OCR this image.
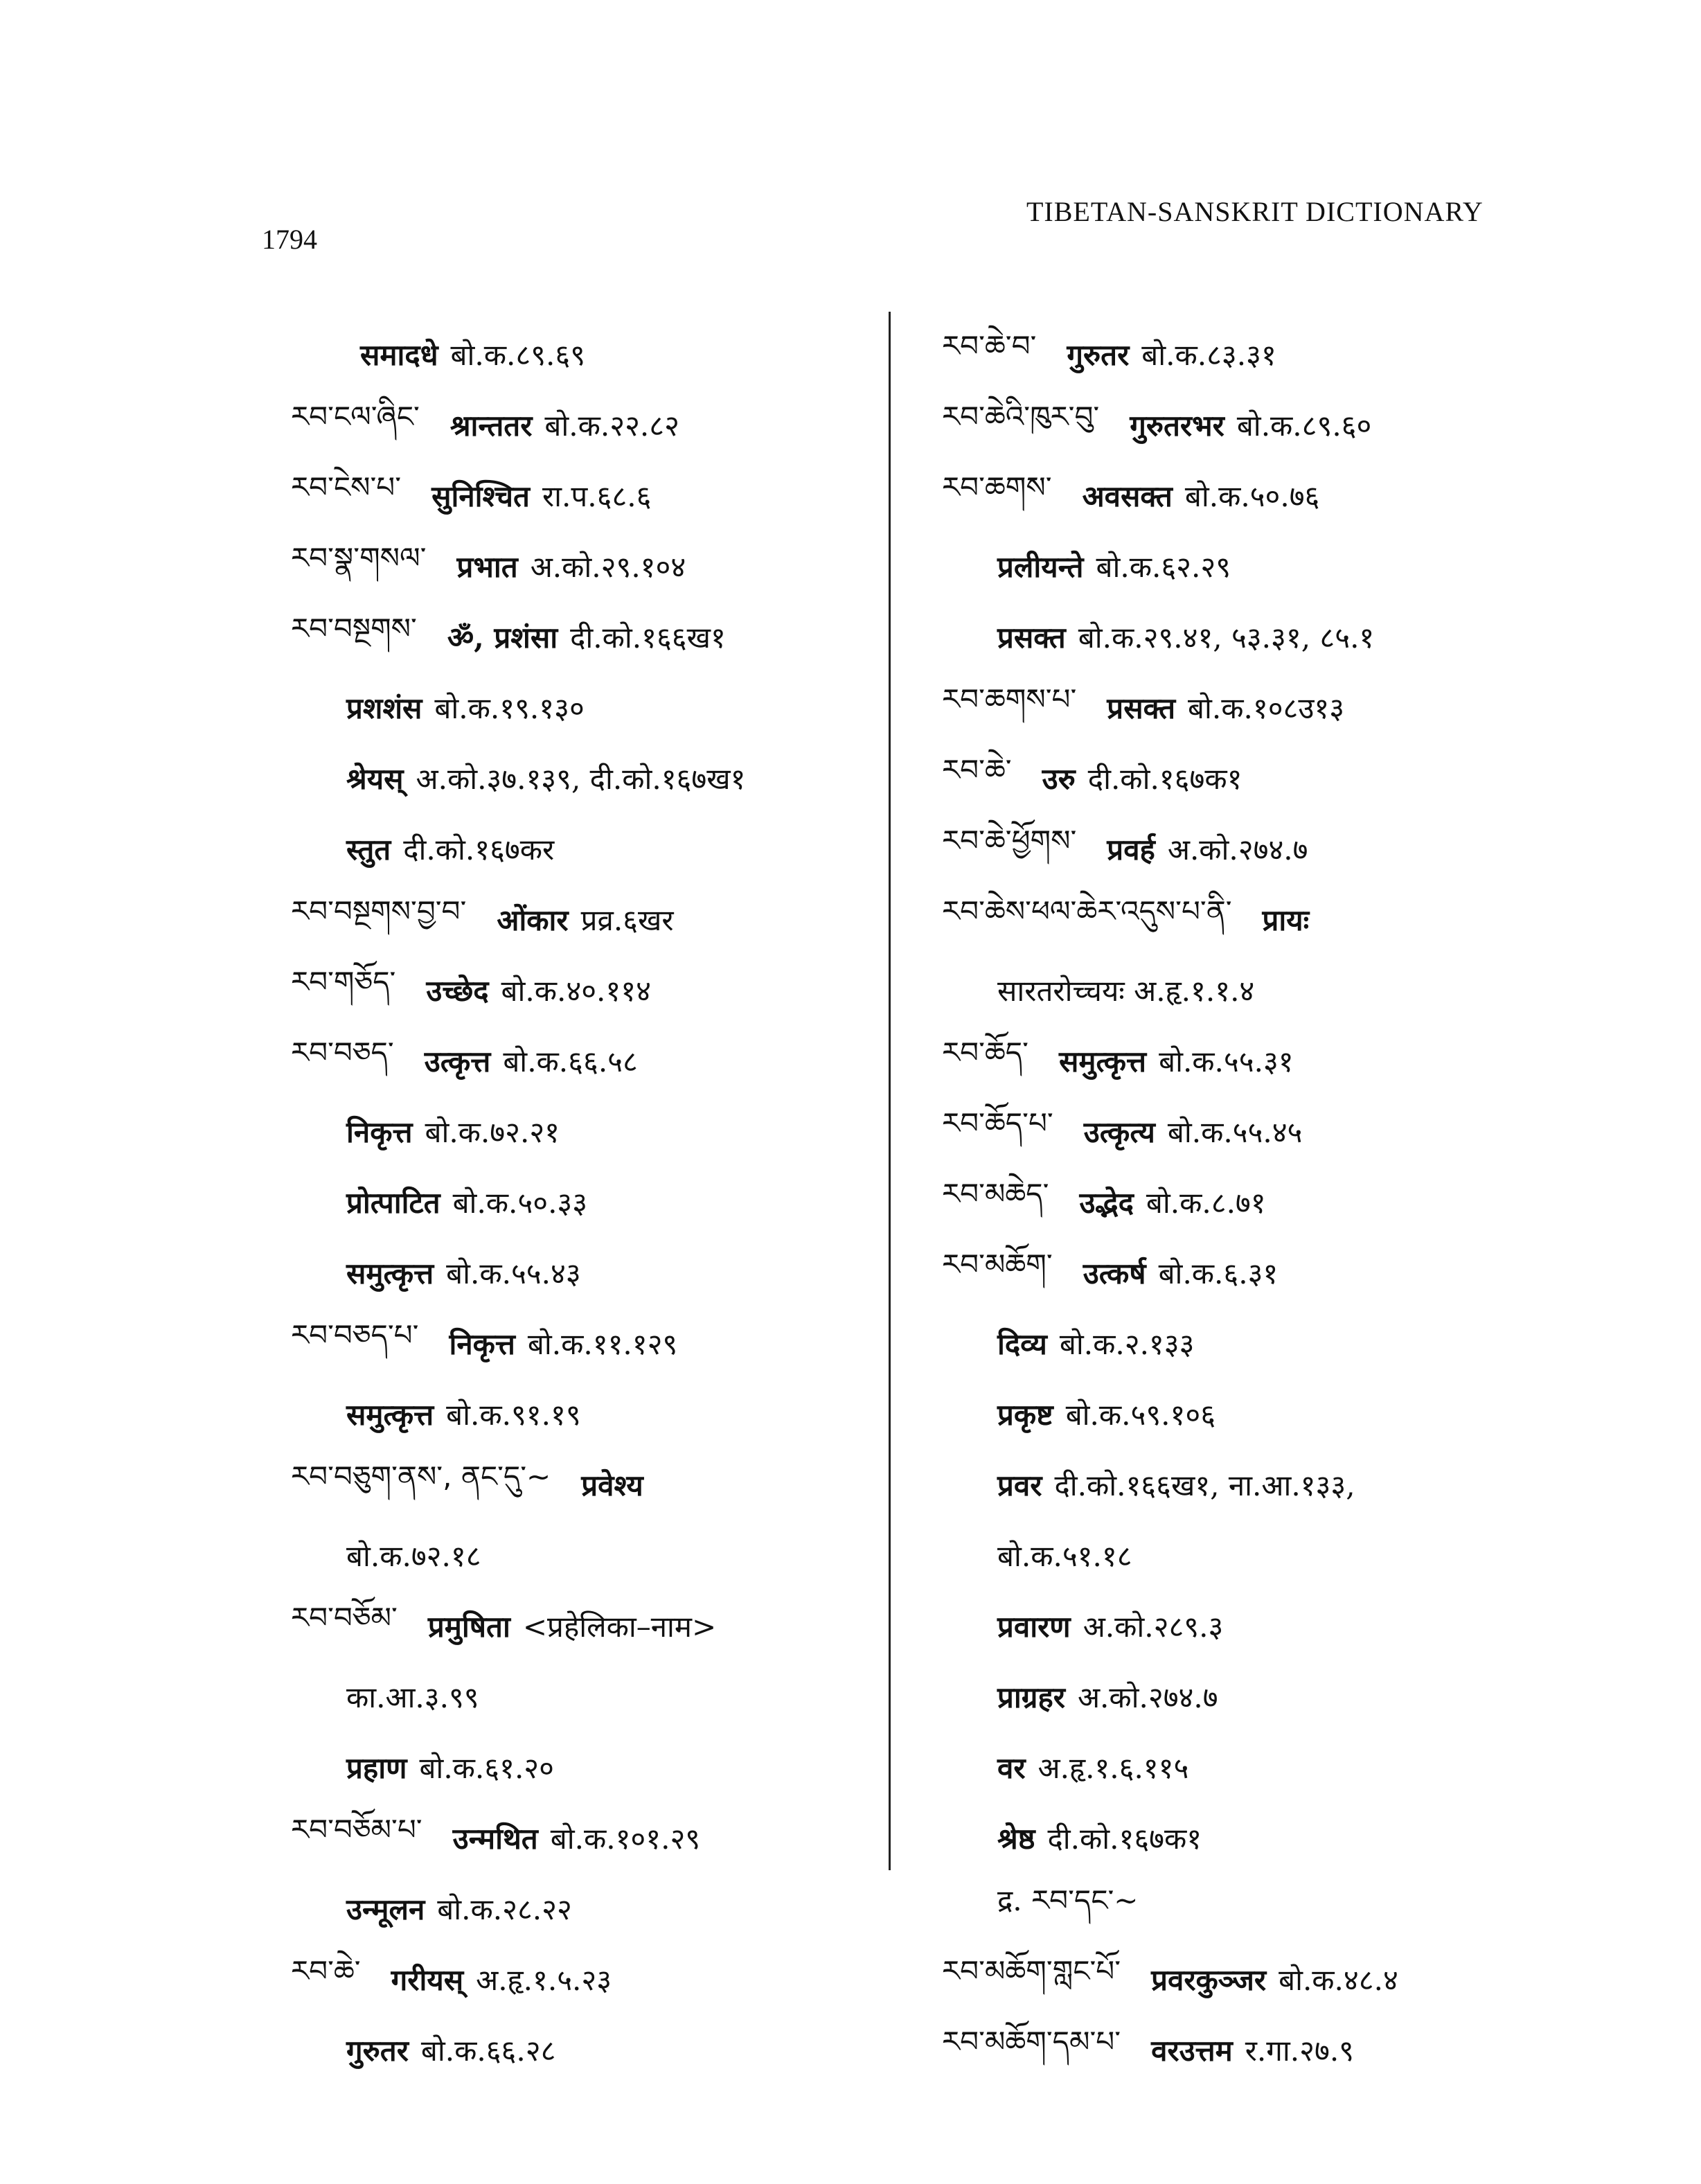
1794
TIBETAN-SANSKRIT DICTIONARY
समादधे बो.क.८९.६९
རབ་ངལ་ཞིང་ श्रान्ततर बो.क.२२.८२
རབ་ངེས་པ་ सुनिश्चित रा.प.६८.६
རབ་སྣ་གསལ་ प्रभात अ.को.२९.१०४
རབ་བསྔགས་ ॐ, प्रशंसा दी.को.१६६ख१
प्रशशंस बो.क.१९.१३०
श्रेयस् अ.को.३७.१३९, दी.को.१६७ख१
स्तुत दी.को.१६७कर
རབ་བསྔགས་བྱ་བ་ ओंकार प्रव्र.६खर
རབ་གཅོད་ उच्छेद बो.क.४०.११४
རབ་བཅད་ उत्कृत्त बो.क.६६.५८
निकृत्त बो.क.७२.२१
प्रोत्पाटित बो.क.५०.३३
समुत्कृत्त बो.क.५५.४३
རབ་བཅད་པ་ निकृत्त बो.क.११.१२९
समुत्कृत्त बो.क.९१.१९
རབ་བཅུག་ནས་, ནང་དུ་~ प्रवेश्य
बो.क.७२.१८
རབ་བཅོམ་ प्रमुषिता <प्रहेलिका–नाम>
का.आ.३.९९
प्रहाण बो.क.६१.२०
རབ་བཅོམ་པ་ उन्मथित बो.क.१०१.२९
उन्मूलन बो.क.२८.२२
རབ་ཆེ་ गरीयस् अ.हृ.१.५.२३
गुरुतर बो.क.६६.२८
རབ་ཆེ་བ་ गुरुतर बो.क.८३.३१
རབ་ཆེའི་ཁུར་བུ་ गुरुतरभर बो.क.८९.६०
རབ་ཆགས་ अवसक्त बो.क.५०.७६
प्रलीयन्ते बो.क.६२.२९
प्रसक्त बो.क.२९.४१, ५३.३१, ८५.१
རབ་ཆགས་པ་ प्रसक्त बो.क.१०८उ१३
རབ་ཆེ་ उरु दी.को.१६७क१
རབ་ཆེ་ཕྱོགས་ प्रवर्ह अ.को.२७४.७
རབ་ཆེས་ཕལ་ཆེར་འདུས་པ་ནི་ प्रायः
सारतरोच्चयः अ.हृ.१.१.४
རབ་ཆོད་ समुत्कृत्त बो.क.५५.३१
རབ་ཆོད་པ་ उत्कृत्य बो.क.५५.४५
རབ་མཆེད་ उद्भेद बो.क.८.७१
རབ་མཆོག་ उत्कर्ष बो.क.६.३१
दिव्य बो.क.२.१३३
प्रकृष्ट बो.क.५९.१०६
प्रवर दी.को.१६६ख१, ना.आ.१३३,
बो.क.५१.१८
प्रवारण अ.को.२८९.३
प्राग्रहर अ.को.२७४.७
वर अ.हृ.१.६.११५
श्रेष्ठ दी.को.१६७क१
द्र. རབ་དང་~
རབ་མཆོག་གླང་པོ་ प्रवरकुञ्जर बो.क.४८.४
རབ་མཆོག་དམ་པ་ वरउत्तम र.गा.२७.९
